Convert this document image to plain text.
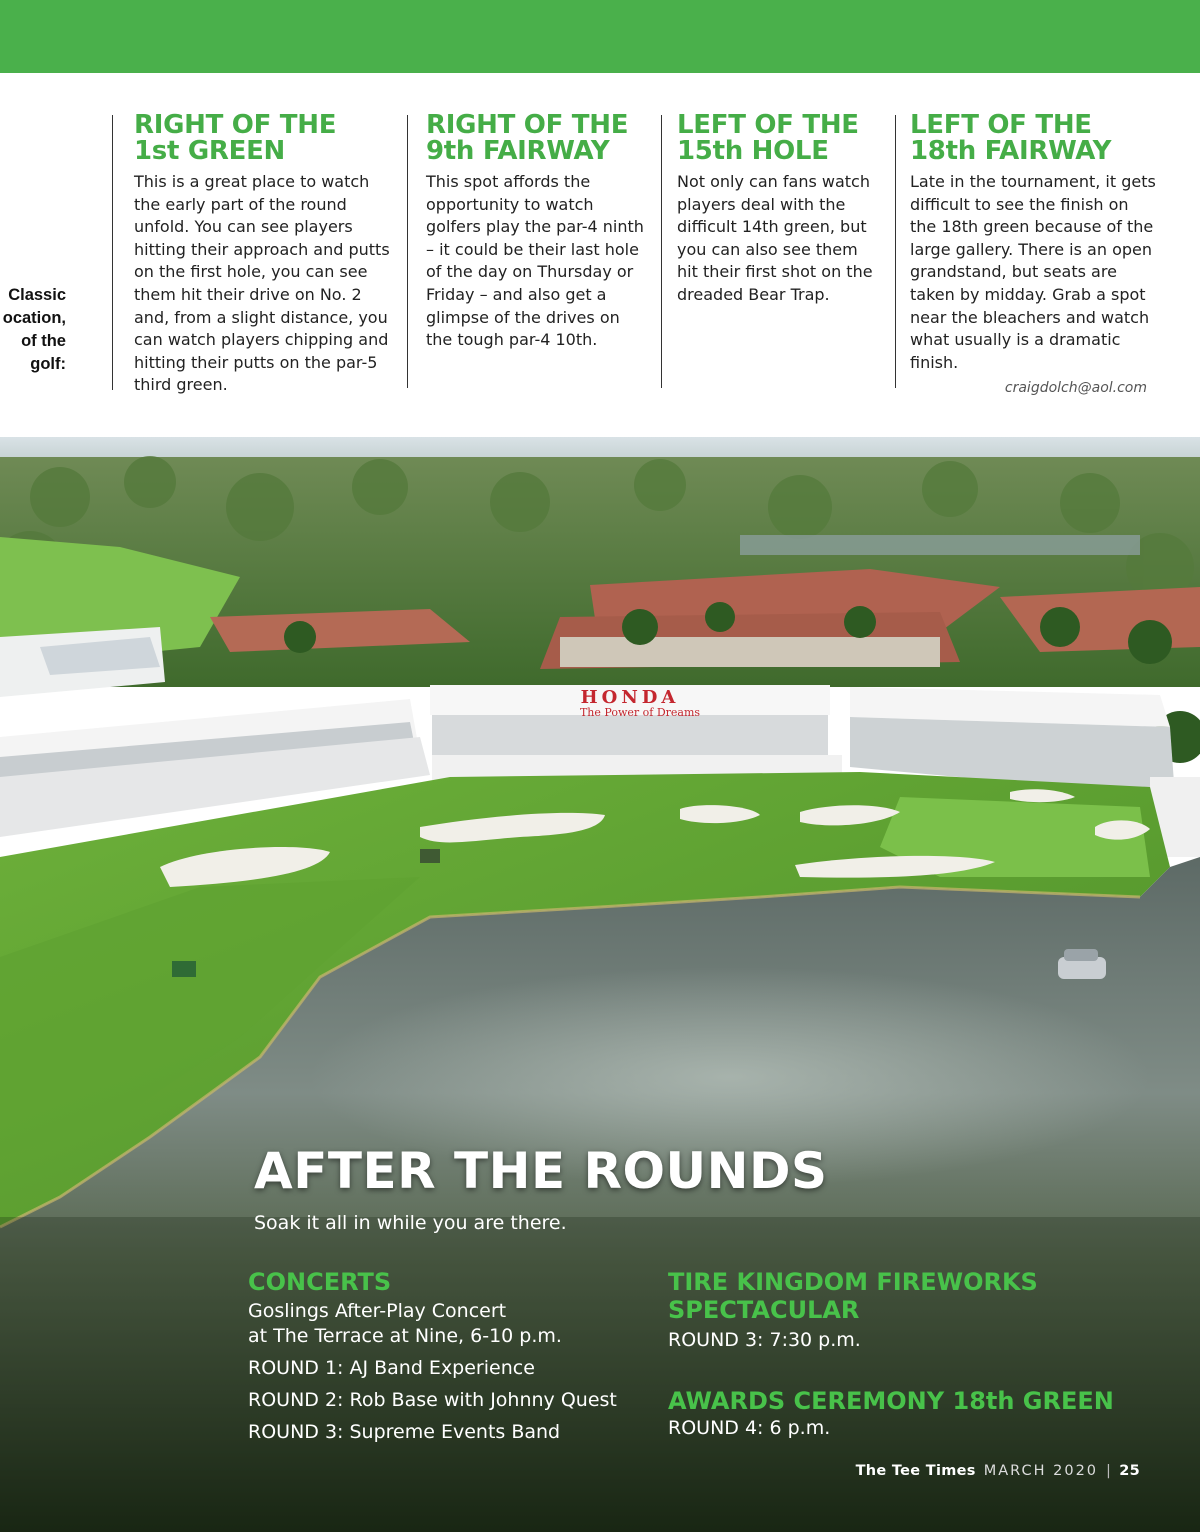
Classic
ocation,
of the
golf:
RIGHT OF THE
1st GREEN

This is a great place to watch the early part of the round unfold. You can see players hitting their approach and putts on the first hole, you can see them hit their drive on No. 2 and, from a slight distance, you can watch players chipping and hitting their putts on the par-5 third green.

RIGHT OF THE
9th FAIRWAY

This spot affords the opportunity to watch golfers play the par-4 ninth – it could be their last hole of the day on Thursday or Friday – and also get a glimpse of the drives on the tough par-4 10th.

LEFT OF THE
15th HOLE

Not only can fans watch players deal with the difficult 14th green, but you can also see them hit their first shot on the dreaded Bear Trap.

LEFT OF THE
18th FAIRWAY

Late in the tournament, it gets difficult to see the finish on the 18th green because of the large gallery. There is an open grandstand, but seats are taken by midday. Grab a spot near the bleachers and watch what usually is a dramatic finish.

craigdolch@aol.com
HONDA
The Power of Dreams
AFTER THE ROUNDS
Soak it all in while you are there.
CONCERTS
Goslings After-Play Concert
at The Terrace at Nine, 6-10 p.m.
ROUND 1: AJ Band Experience
ROUND 2: Rob Base with Johnny Quest
ROUND 3: Supreme Events Band
TIRE KINGDOM FIREWORKS
SPECTACULAR
ROUND 3: 7:30 p.m.
AWARDS CEREMONY 18th GREEN
ROUND 4: 6 p.m.
The Tee Times MARCH 2020 | 25
